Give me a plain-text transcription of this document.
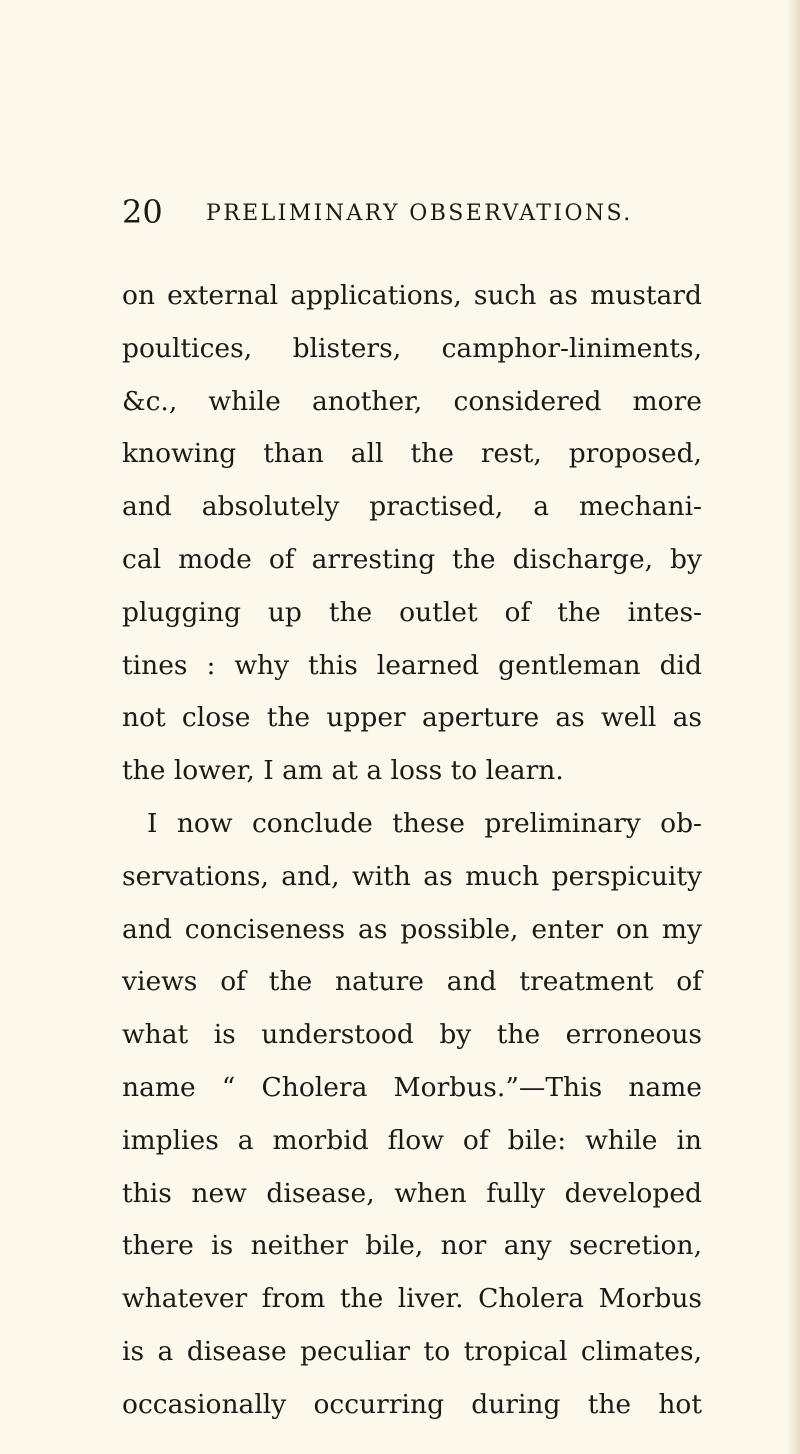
20 PRELIMINARY OBSERVATIONS.
on external applications, such as mustard
poultices, blisters, camphor-liniments,
&c., while another, considered more
knowing than all the rest, proposed,
and absolutely practised, a mechani-
cal mode of arresting the discharge, by
plugging up the outlet of the intes-
tines : why this learned gentleman did
not close the upper aperture as well as
the lower, I am at a loss to learn.
I now conclude these preliminary ob-
servations, and, with as much perspicuity
and conciseness as possible, enter on my
views of the nature and treatment of
what is understood by the erroneous
name “ Cholera Morbus.”—This name
implies a morbid flow of bile: while in
this new disease, when fully developed
there is neither bile, nor any secretion,
whatever from the liver. Cholera Morbus
is a disease peculiar to tropical climates,
occasionally occurring during the hot
